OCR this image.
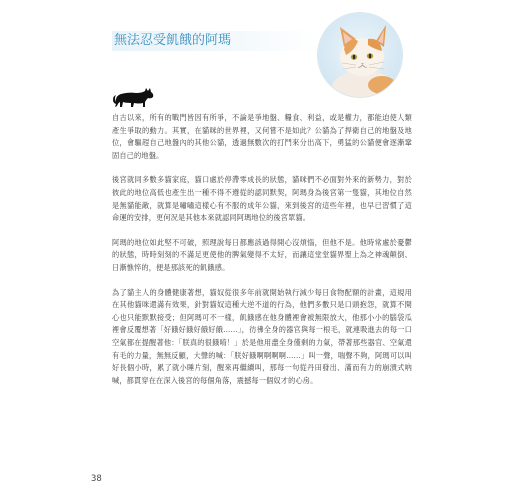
無法忍受飢餓的阿瑪

自古以來，所有的戰門皆因有所爭，不論是爭地盤、糧食、利益，或是權力，都能迫使人類產生爭取的動力。其實，在貓咪的世界裡，又何嘗不是如此？公貓為了捍衛自己的地盤及地位，會驅趕自己地盤內的其他公貓，透過無數次的打鬥來分出高下，勇猛的公貓便會逐漸鞏固自己的地盤。

後宮就同多數多貓家庭，貓口處於停滯零成長的狀態，貓咪們不必面對外來的新勢力，對於彼此的地位高低也產生出一種不得不遵從的認同默契，阿瑪身為後宮第一隻貓，其地位自然是無貓能敵，就算是嘯嘯這樣心有不服的成年公貓，來到後宮的這些年裡，也早已習慣了這命運的安排，更何況是其他本來就認同阿瑪地位的後宮眾貓。

阿瑪的地位如此堅不可破，照理說每日都應該過得開心沒煩惱，但他不是。他時常處於憂鬱的狀態，時時刻刻的不滿足更使他的脾氣變得不太好，而讓這堂堂貓界聖上為之神魂顛倒、日漸憔悴的，便是那該死的飢餓感。

為了貓主人的身體健康著想，貓奴從很多年前就開始執行減少每日食物配額的計畫，這規用在其他貓咪還滿有效果，針對貓奴這種大逆不道的行為，他們多數只是口頭抱怨，就算不開心也只能默默接受；但阿瑪可不一樣，飢餓感在他身體裡會被無限放大，他那小小的腦袋瓜裡會反覆想著「好餓好餓好餓好餓……」，彷彿全身的器官與每一根毛，就連吸進去的每一口空氣都在提醒著他：「朕真的很餓唷！」於是他用盡全身僅剩的力氣，帶著那些器官、空氣還有毛的力量，無無反顧，大聲的喊：「朕好餓啊啊啊啊……」叫一聲，喘聲不夠，阿瑪可以叫好長個小時，累了就小睡片刻，醒來再繼續叫，那每一句從丹田發出、滿而有力的崩潰式吶喊，都貫穿在在深入後宮的每個角落，震撼每一個奴才的心房。

38
